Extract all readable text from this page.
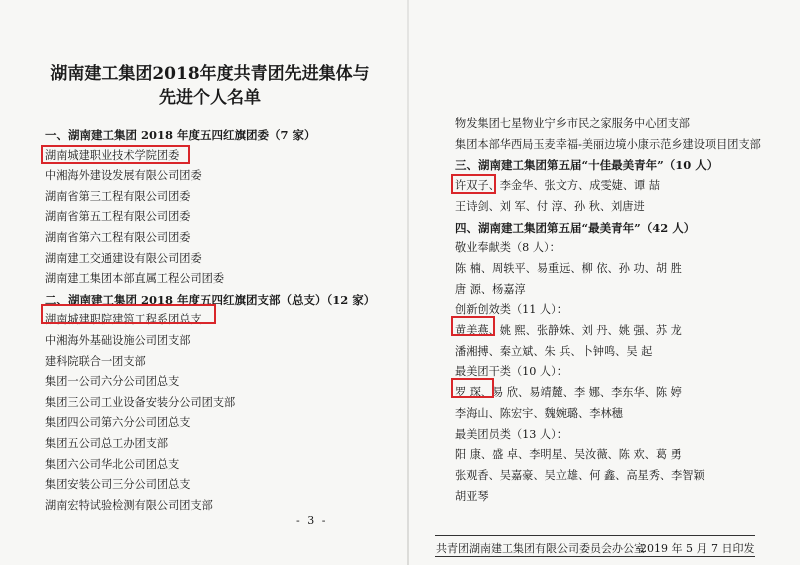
湖南建工集团2018年度共青团先进集体与
先进个人名单
一、湖南建工集团 2018 年度五四红旗团委（7 家）
湖南城建职业技术学院团委
中湘海外建设发展有限公司团委
湖南省第三工程有限公司团委
湖南省第五工程有限公司团委
湖南省第六工程有限公司团委
湖南建工交通建设有限公司团委
湖南建工集团本部直属工程公司团委
二、湖南建工集团 2018 年度五四红旗团支部（总支）（12 家）
湖南城建职院建筑工程系团总支
中湘海外基础设施公司团支部
建科院联合一团支部
集团一公司六分公司团总支
集团三公司工业设备安装分公司团支部
集团四公司第六分公司团总支
集团五公司总工办团支部
集团六公司华北公司团总支
集团安装公司三分公司团总支
湖南宏特试验检测有限公司团支部
物发集团七星物业宁乡市民之家服务中心团支部
集团本部华西局玉麦幸福-美丽边境小康示范乡建设项目团支部
三、湖南建工集团第五届“十佳最美青年”（10 人）
许双子、李金华、张文方、成雯婕、谭 喆
王诗剑、刘 军、付 淳、孙 秋、刘唐进
四、湖南建工集团第五届“最美青年”（42 人）
敬业奉献类（8 人）：
陈 楠、周轶平、易重远、柳 依、孙 功、胡 胜
唐 源、杨嘉淳
创新创效类（11 人）：
黄美燕、姚 熙、张静姝、刘 丹、姚 强、苏 龙
潘湘搏、秦立斌、朱 兵、卜钟鸣、吴 起
最美团干类（10 人）：
罗 琛、易 欣、易靖麓、李 娜、李东华、陈 婷
李海山、陈宏宇、魏婉璐、李林穗
最美团员类（13 人）：
阳 康、盛 卓、李明星、吴汝薇、陈 欢、葛 勇
张观香、吴嘉豪、吴立雄、何 鑫、高星秀、李智颖
胡亚琴
- 3 -
共青团湖南建工集团有限公司委员会办公室
2019 年 5 月 7 日印发
